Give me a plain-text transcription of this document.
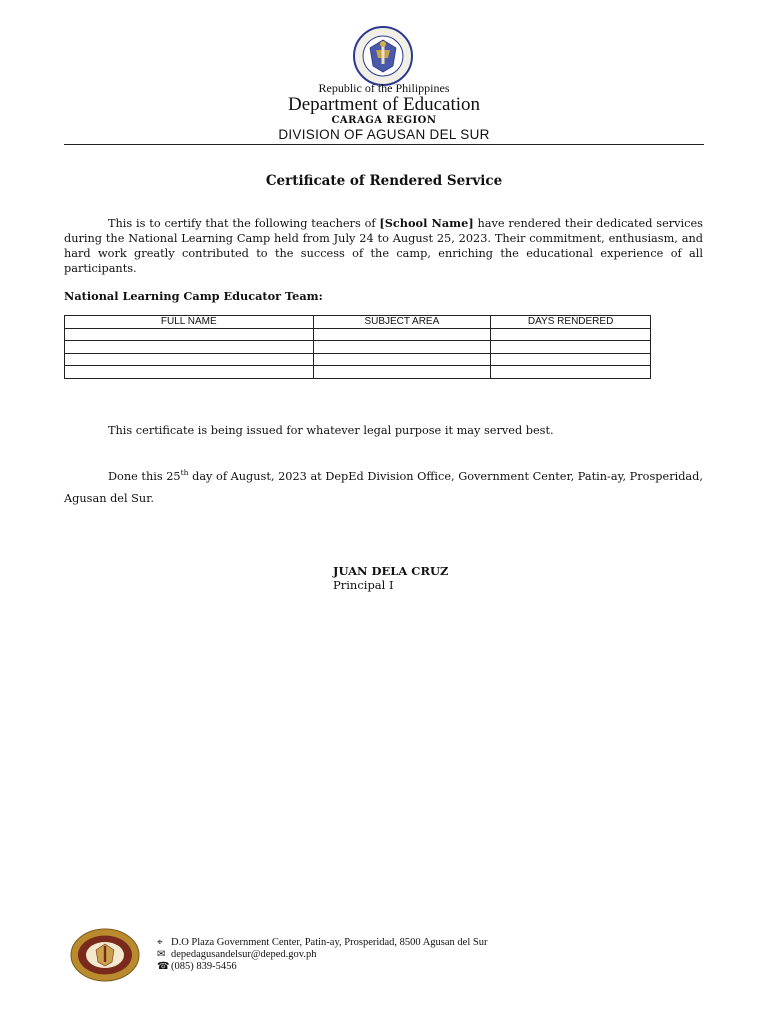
Republic of the Philippines
Department of Education
CARAGA REGION
DIVISION OF AGUSAN DEL SUR
Certificate of Rendered Service
This is to certify that the following teachers of [School Name] have rendered their dedicated services during the National Learning Camp held from July 24 to August 25, 2023. Their commitment, enthusiasm, and hard work greatly contributed to the success of the camp, enriching the educational experience of all participants.
National Learning Camp Educator Team:
FULL NAME	SUBJECT AREA	DAYS RENDERED

This certificate is being issued for whatever legal purpose it may served best.
Done this 25th day of August, 2023 at DepEd Division Office, Government Center, Patin-ay, Prosperidad, Agusan del Sur.
JUAN DELA CRUZ
Principal I
⌖ D.O Plaza Government Center, Patin-ay, Prosperidad, 8500 Agusan del Sur
✉ depedagusandelsur@deped.gov.ph
☎ (085) 839-5456
